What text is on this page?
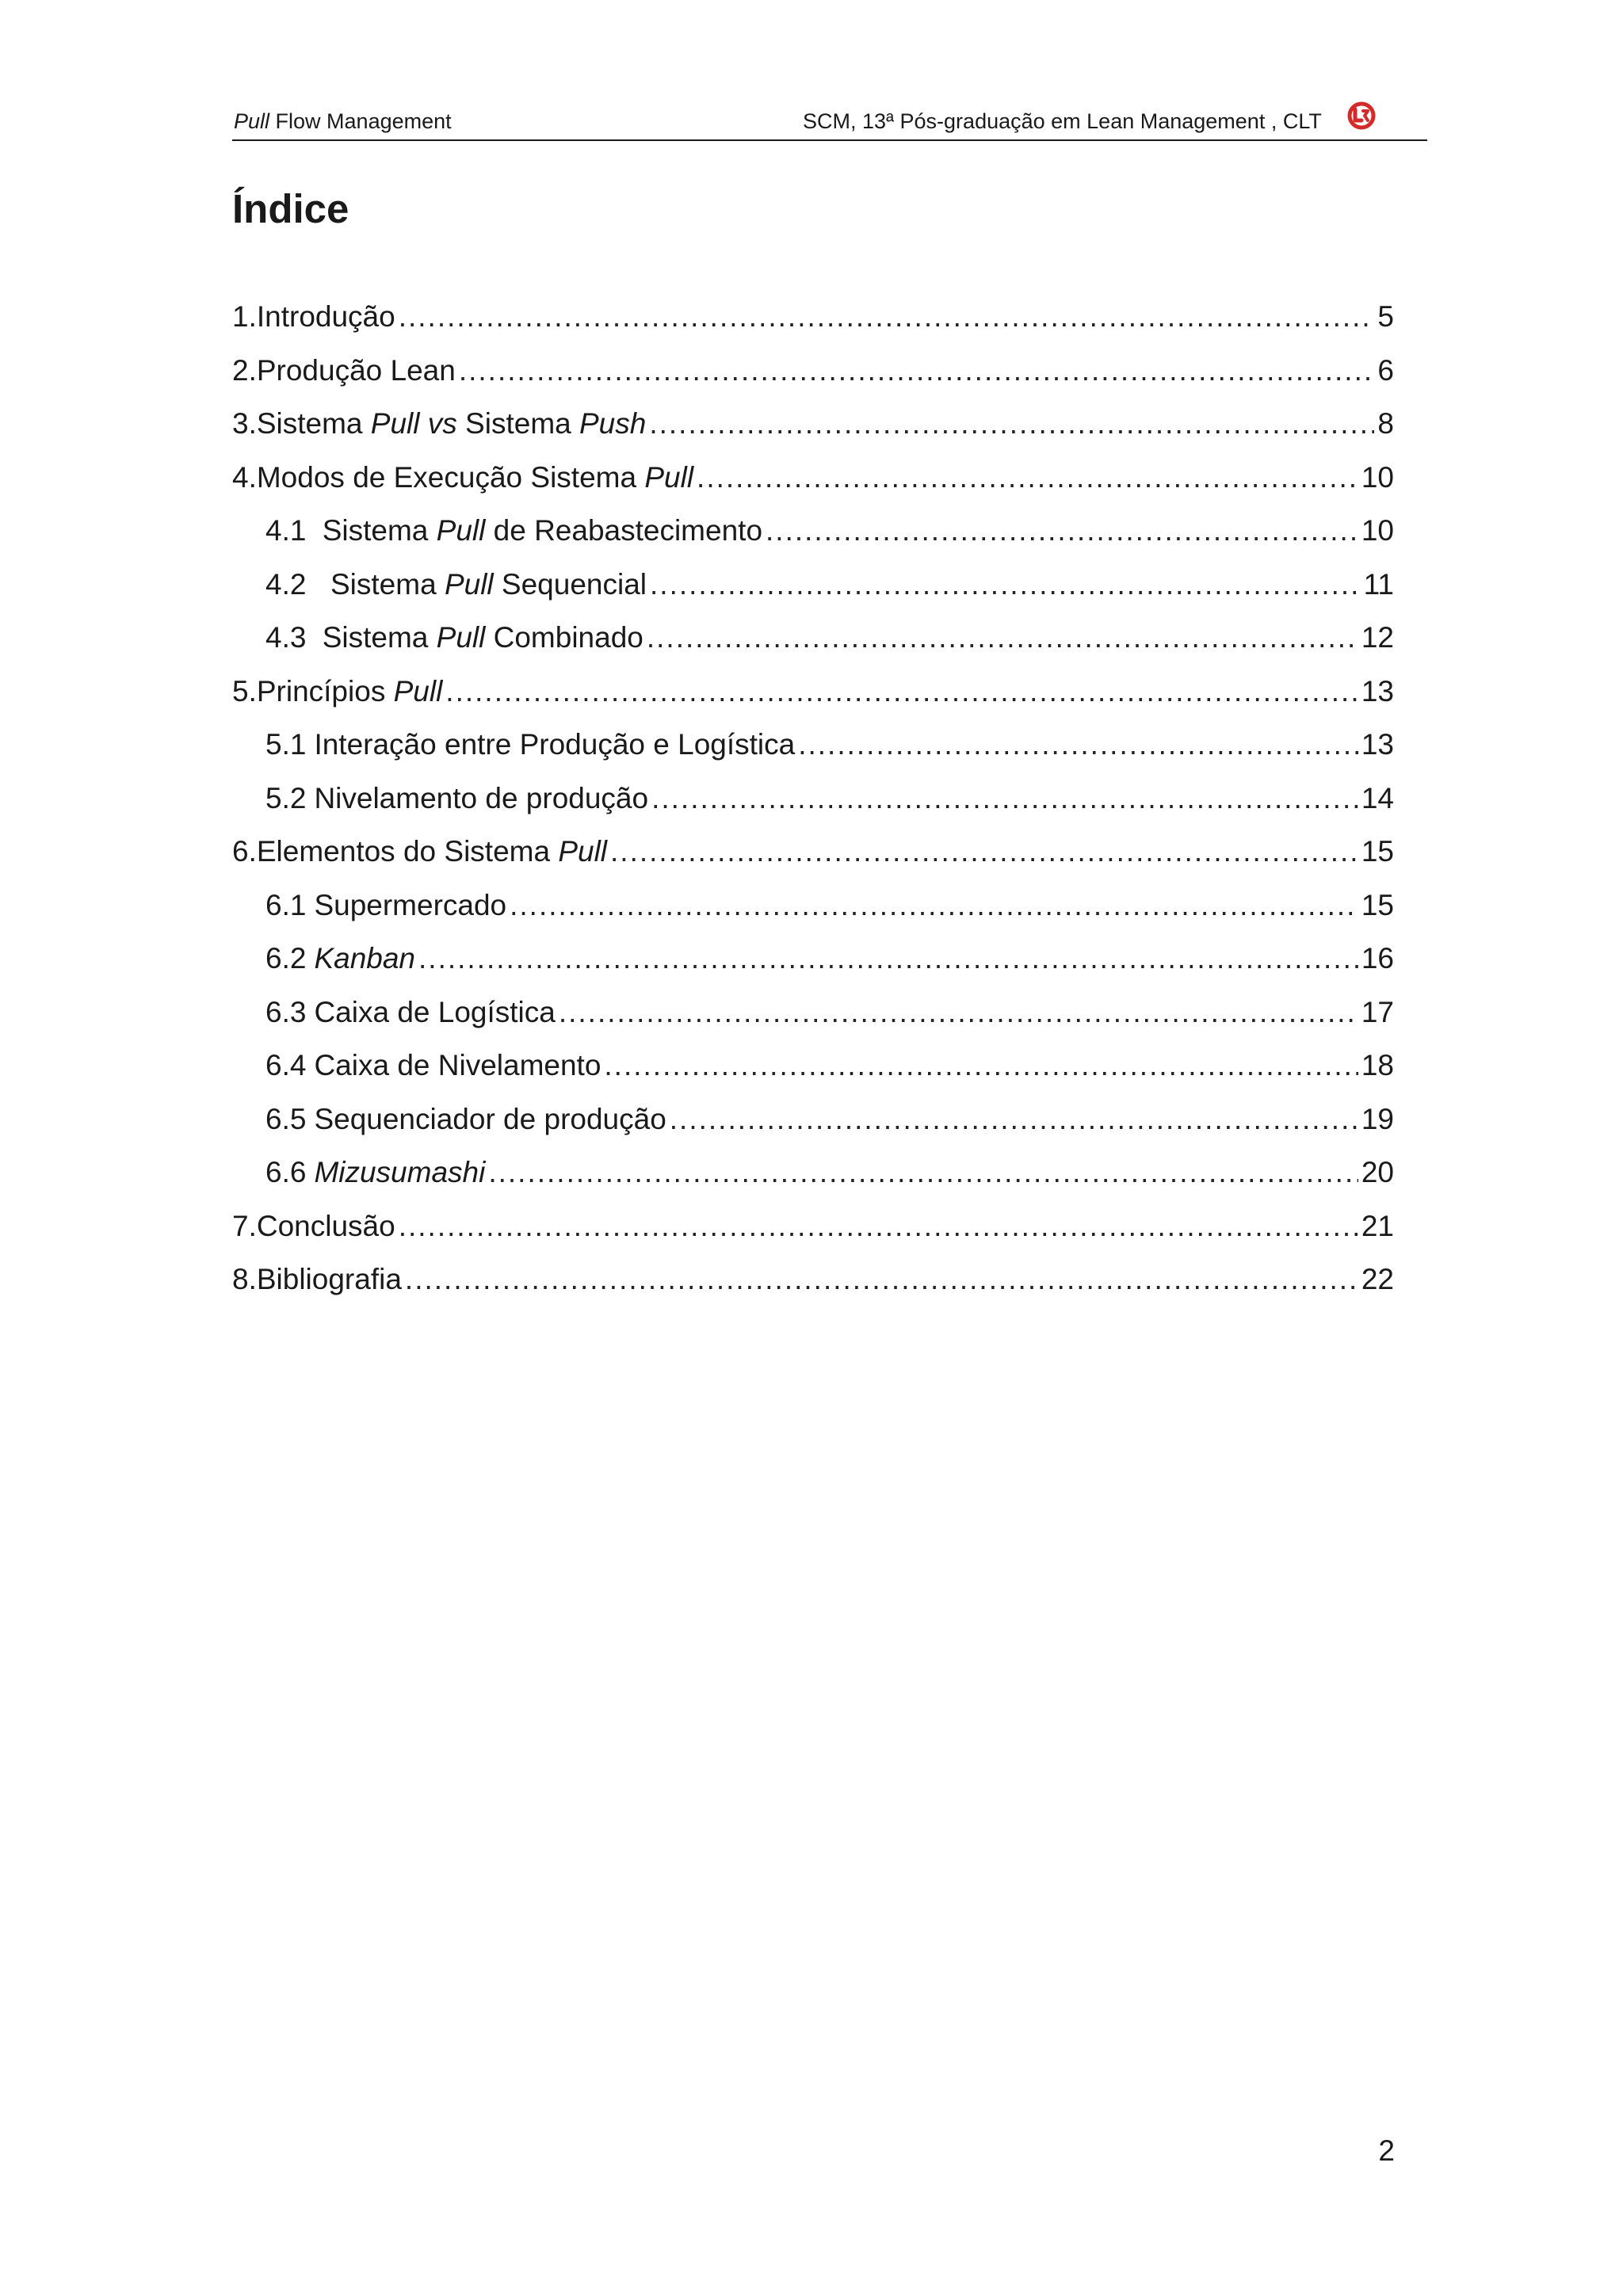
Pull Flow Management	SCM, 13ª Pós-graduação em Lean Management , CLT
Índice
1. Introdução .....	5
2. Produção Lean .....	6
3. Sistema Pull vs Sistema Push .....	8
4. Modos de Execução Sistema Pull .....	10
4.1 Sistema Pull de Reabastecimento .....	10
4.2 Sistema Pull Sequencial .....	11
4.3 Sistema Pull Combinado .....	12
5. Princípios Pull .....	13
5.1 Interação entre Produção e Logística .....	13
5.2 Nivelamento de produção .....	14
6. Elementos do Sistema Pull .....	15
6.1 Supermercado .....	15
6.2 Kanban .....	16
6.3 Caixa de Logística .....	17
6.4 Caixa de Nivelamento .....	18
6.5 Sequenciador de produção .....	19
6.6 Mizusumashi .....	20
7. Conclusão .....	21
8. Bibliografia .....	22
2
